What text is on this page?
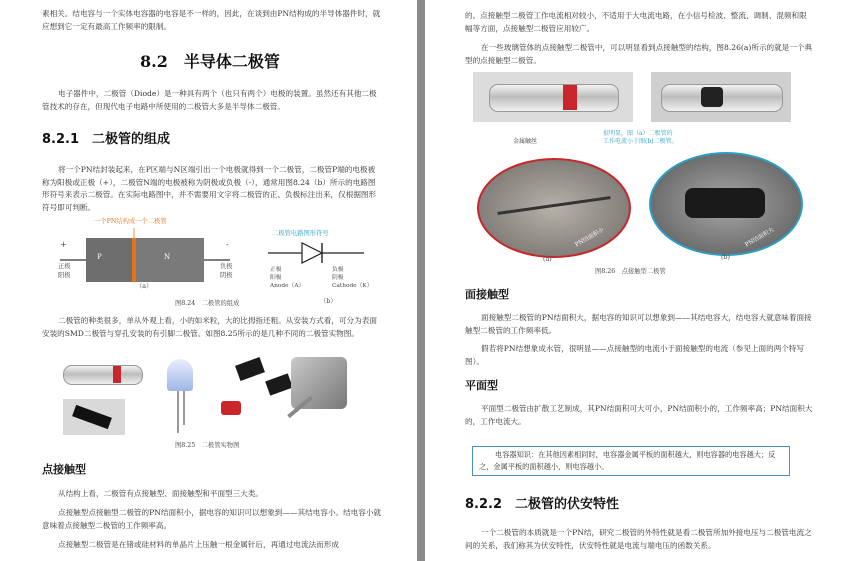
素相关。结电容与一个实体电容器的电容是不一样的，因此，在谈到由PN结构成的半导体器件时，就应想到它一定有最高工作频率的限制。

8.2　半导体二极管

电子器件中，二极管（Diode）是一种具有两个（也只有两个）电极的装置。虽然还有其他二极管技术的存在，但现代电子电路中所使用的二极管大多是半导体二极管。

8.2.1　二极管的组成

将一个PN结封装起来，在P区端与N区端引出一个电极就得到一个二极管，二极管P端的电极被称为阳极或正极（+），二极管N端的电极被称为阴极或负极（-），通常用图8.24（b）所示的电路图形符号来表示二极管。在实际电路图中，并不需要用文字将二极管的正、负极标注出来，仅根据图形符号即可判断。

一个PN结构成一个二极管
P	N
+	-
正极
阳极
负极
阴极
（a）
二极管电路图形符号
正极
阳极
Anode（A）
负极
阴极
Cathode（K）
（b）
图8.24　二极管的组成

二极管的种类很多，单从外观上看，小的如米粒，大的比拇指还粗。从安装方式看，可分为表面安装的SMD二极管与穿孔安装的有引脚二极管。如图8.25所示的是几种不同的二极管实物图。

图8.25　二极管实物图
点接触型

从结构上看，二极管有点接触型、面接触型和平面型三大类。

点接触型点接触型二极管的PN结面积小，据电容的知识可以想象到——其结电容小。结电容小就意味着点接触型二极管的工作频率高。

点接触型二极管是在锗或硅材料的单晶片上压触一根金属针后，再通过电流法而形成

的。点接触型二极管工作电流相对较小，不适用于大电流电路，在小信号检波、整流、调制、混频和限幅等方面，点接触型二极管应用较广。

在一些玻璃管体的点接触型二极管中，可以明显看到点接触型的结构，图8.26(a)所示的就是一个典型的点接触型二极管。

金属触丝
很明显，图（a）二极管的
工作电流小于图(b)二极管。
PN结面积小	PN结面积大
(a)	(b)
图8.26　点接触型二极管
面接触型

面接触型二极管的PN结面积大，据电容的知识可以想象到——其结电容大，结电容大就意味着面接触型二极管的工作频率低。

假若将PN结想象成水管，很明显——点接触型的电流小于面接触型的电流（参见上面的两个特写图）。

平面型

平面型二极管由扩散工艺制成，其PN结面积可大可小，PN结面积小的，工作频率高；PN结面积大的，工作电流大。

电容器知识：在其他因素相同时，电容器金属平板的面积越大，则电容器的电容越大；反之，金属平板的面积越小，则电容越小。

8.2.2　二极管的伏安特性

一个二极管的本质就是一个PN结，研究二极管的外特性就是看二极管所加外接电压与二极管电流之间的关系，我们称其为伏安特性，伏安特性就是电流与端电压的函数关系。
